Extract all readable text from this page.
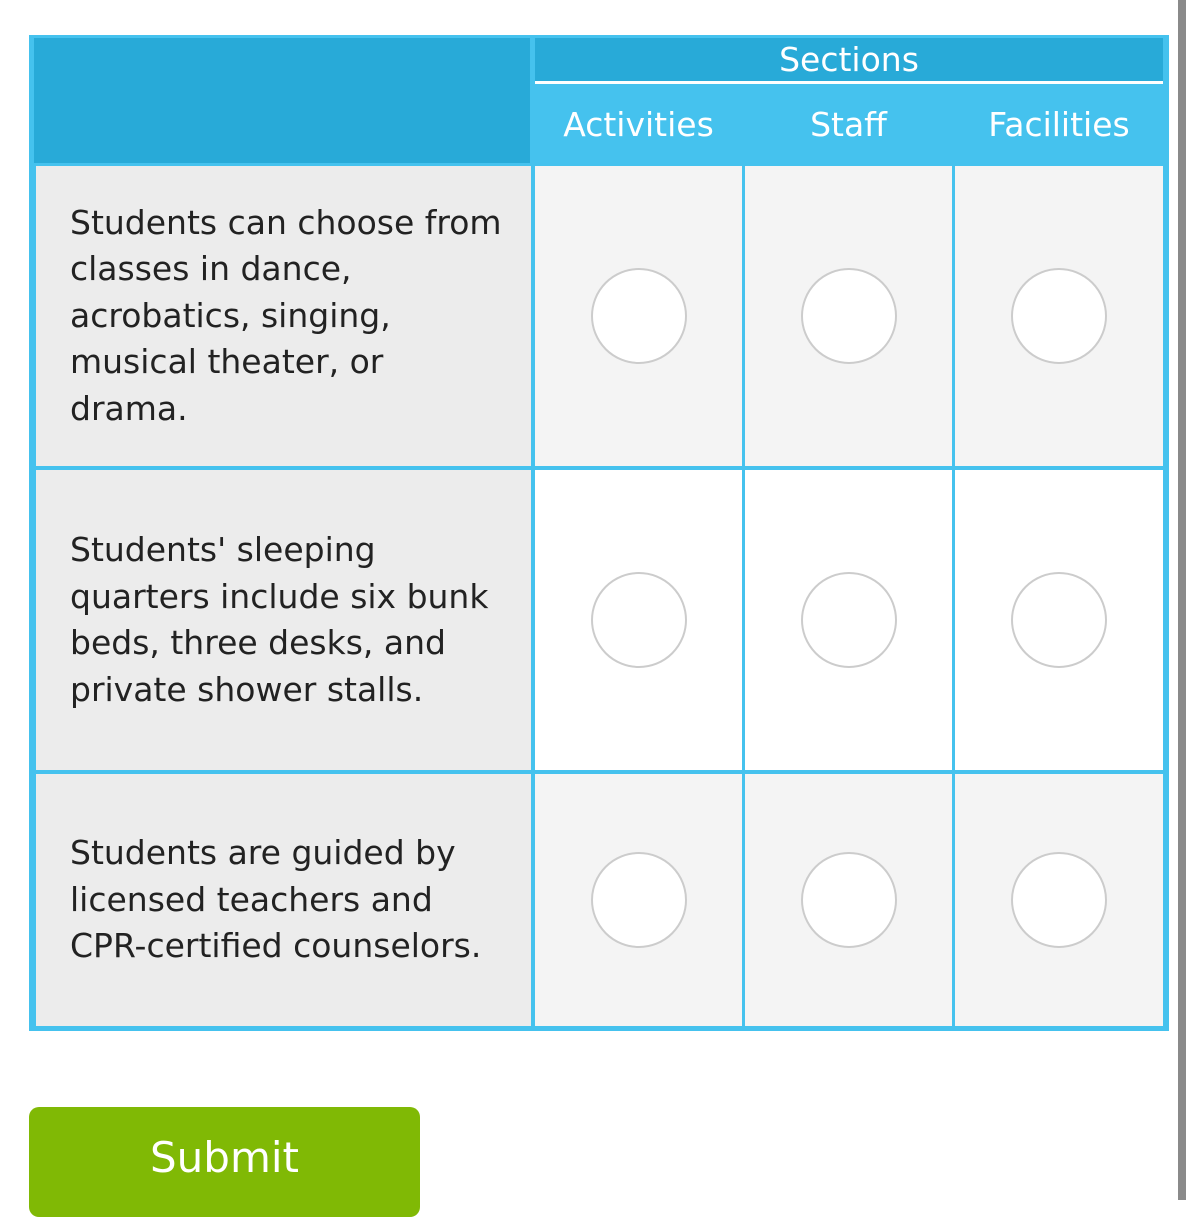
Sections
Activities	Staff	Facilities
Students can choose from classes in dance, acrobatics, singing, musical theater, or drama.
Students' sleeping quarters include six bunk beds, three desks, and private shower stalls.
Students are guided by licensed teachers and CPR-certified counselors.
Submit
